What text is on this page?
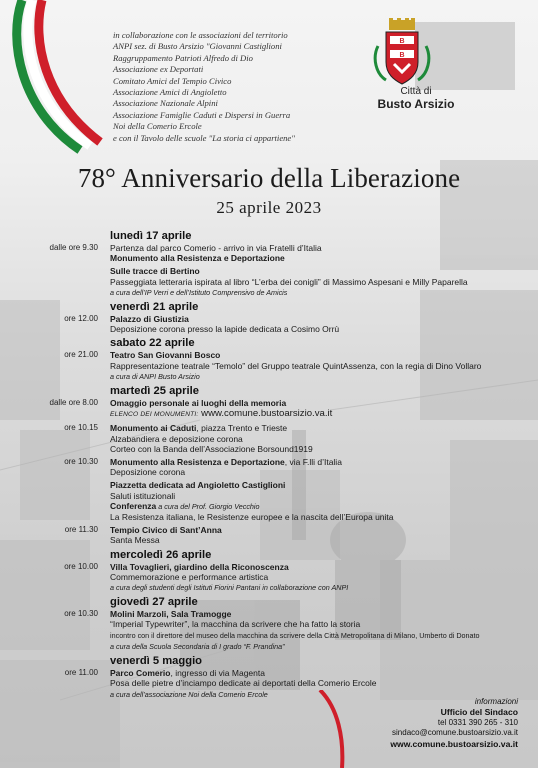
in collaborazione con le associazioni del territorio
ANPI sez. di Busto Arsizio "Giovanni Castiglioni
Raggruppamento Patrioti Alfredo di Dio
Associazione ex Deportati
Comitato Amici del Tempio Civico
Associazione Amici di Angioletto
Associazione Nazionale Alpini
Associazione Famiglie Caduti e Dispersi in Guerra
Noi della Comerio Ercole
e con il Tavolo delle scuole "La storia ci appartiene"
B
B
Città di
Busto Arsizio
78° Anniversario della Liberazione
25 aprile 2023
lunedì 17 aprile
dalle ore 9.30 Partenza dal parco Comerio - arrivo in via Fratelli d’Italia
Monumento alla Resistenza e Deportazione
Sulle tracce di Bertino
Passeggiata letteraria ispirata al libro “L’erba dei conigli” di Massimo Aspesani e Milly Paparella
a cura dell’IP Verri e dell’Istituto Comprensivo de Amicis
venerdì 21 aprile
ore 12.00 Palazzo di Giustizia
Deposizione corona presso la lapide dedicata a Cosimo Orrù
sabato 22 aprile
ore 21.00 Teatro San Giovanni Bosco
Rappresentazione teatrale “Temolo” del Gruppo teatrale QuintAssenza, con la regia di Dino Vollaro
a cura di ANPI Busto Arsizio
martedì 25 aprile
dalle ore 8.00 Omaggio personale ai luoghi della memoria
ELENCO DEI MONUMENTI: www.comune.bustoarsizio.va.it
ore 10.15 Monumento ai Caduti, piazza Trento e Trieste
Alzabandiera e deposizione corona
Corteo con la Banda dell’Associazione Borsound1919
ore 10.30 Monumento alla Resistenza e Deportazione, via F.lli d’Italia
Deposizione corona
Piazzetta dedicata ad Angioletto Castiglioni
Saluti istituzionali
Conferenza a cura del Prof. Giorgio Vecchio
La Resistenza italiana, le Resistenze europee e la nascita dell’Europa unita
ore 11.30 Tempio Civico di Sant’Anna
Santa Messa
mercoledì 26 aprile
ore 10.00 Villa Tovaglieri, giardino della Riconoscenza
Commemorazione e performance artistica
a cura degli studenti degli Istituti Fiorini Pantani in collaborazione con ANPI
giovedì 27 aprile
ore 10.30 Molini Marzoli, Sala Tramogge
“Imperial Typewriter”, la macchina da scrivere che ha fatto la storia
incontro con il direttore del museo della macchina da scrivere della Città Metropolitana di Milano, Umberto di Donato
a cura della Scuola Secondaria di I grado “F. Prandina”
venerdì 5 maggio
ore 11.00 Parco Comerio, ingresso di via Magenta
Posa delle pietre d’inciampo dedicate ai deportati della Comerio Ercole
a cura dell’associazione Noi della Comerio Ercole
informazioni
Ufficio del Sindaco
tel 0331 390 265 - 310
sindaco@comune.bustoarsizio.va.it
www.comune.bustoarsizio.va.it
